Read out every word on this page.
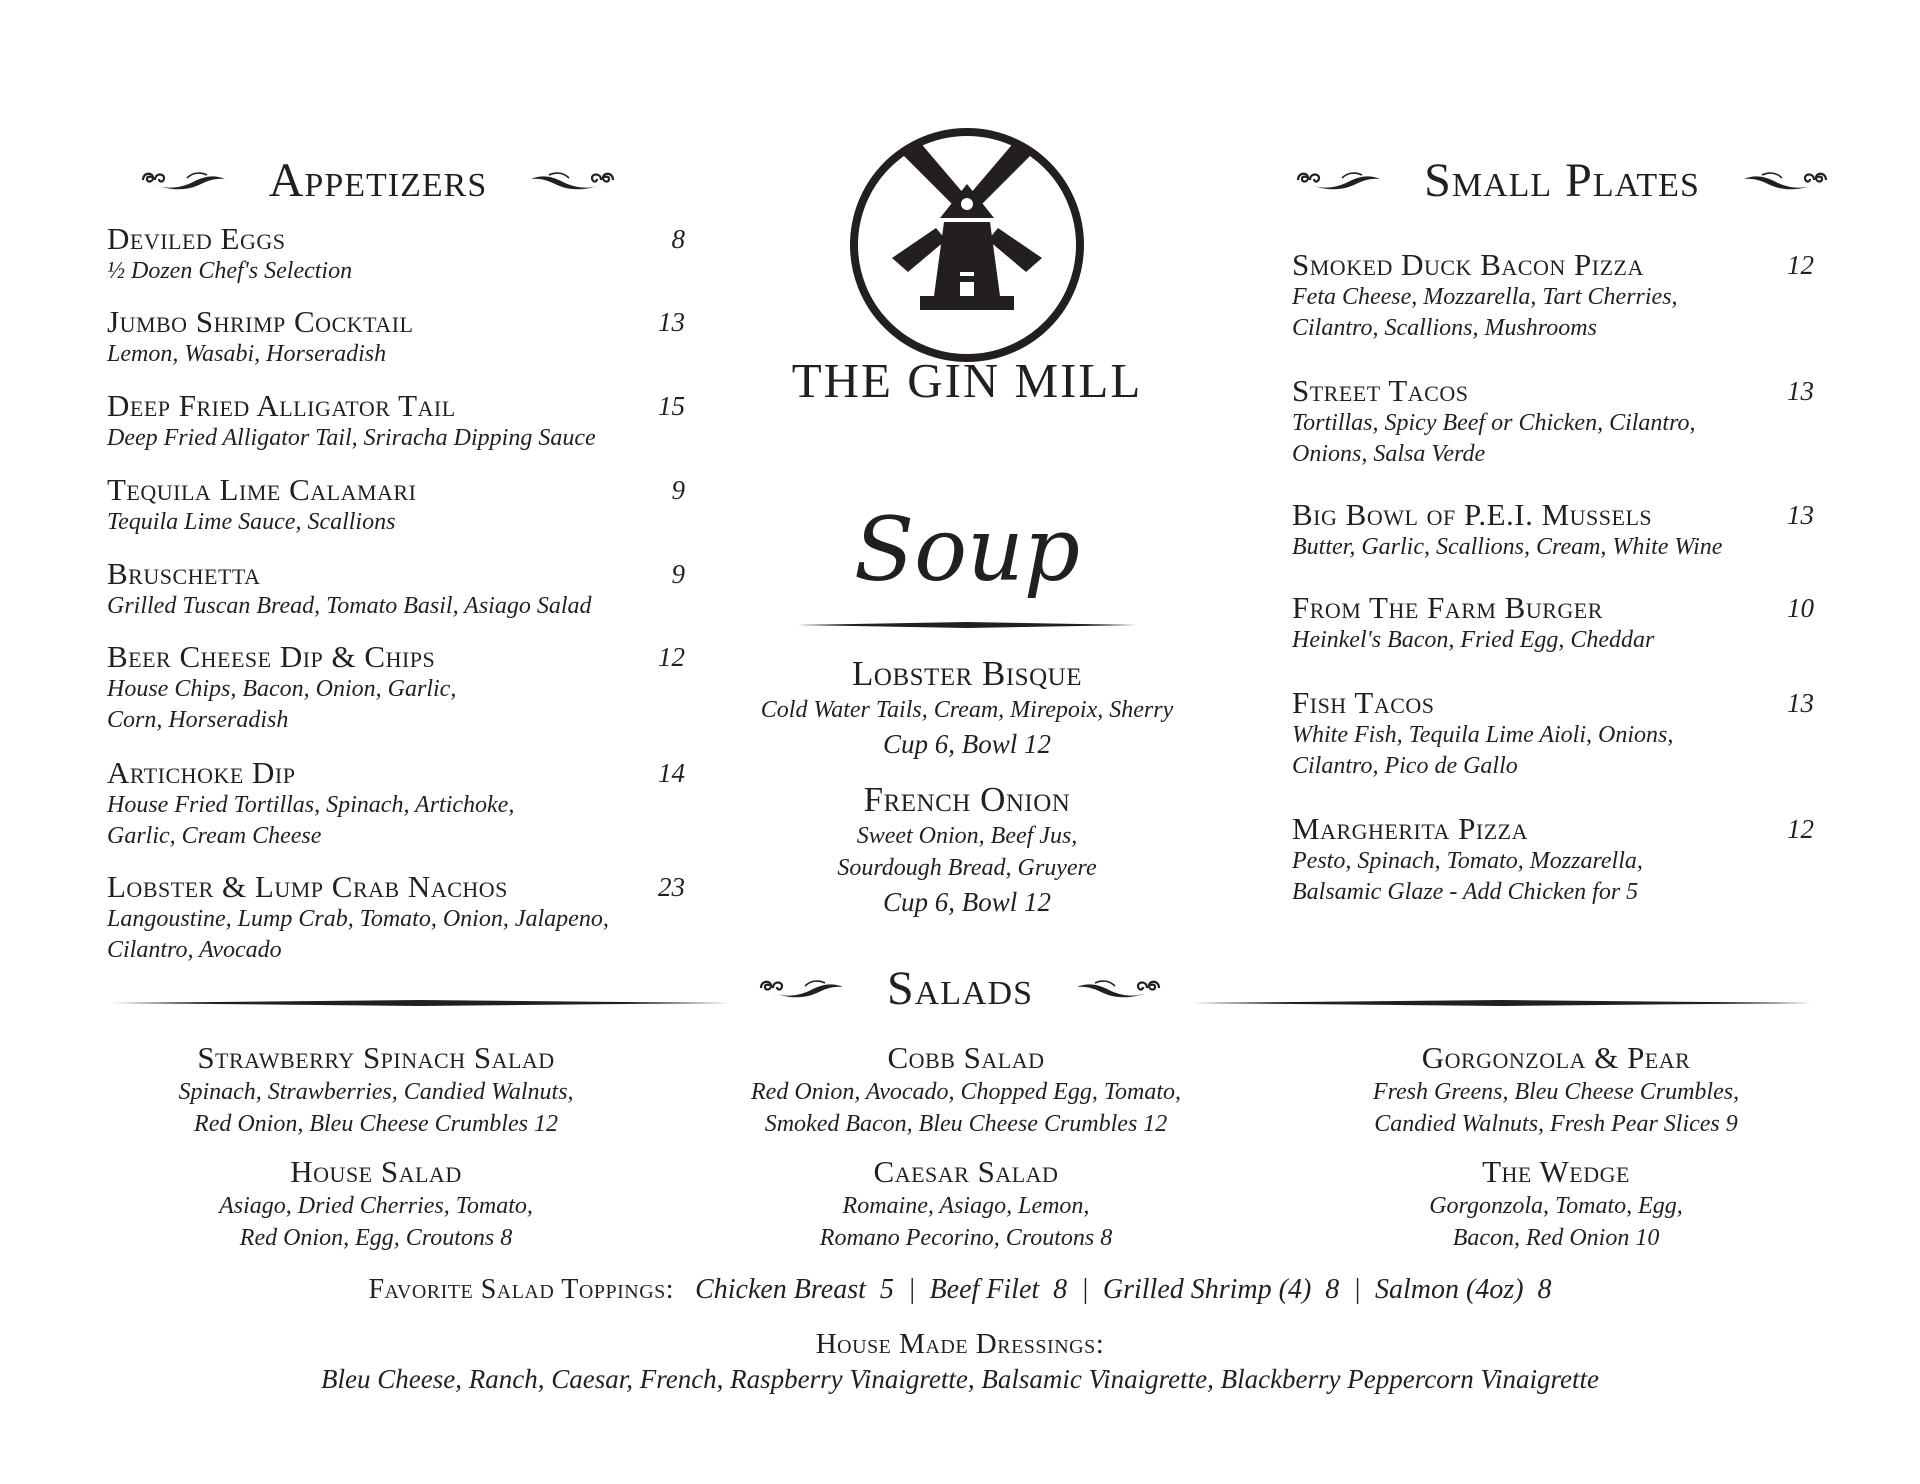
Appetizers
Deviled Eggs	8
½ Dozen Chef's Selection
Jumbo Shrimp Cocktail	13
Lemon, Wasabi, Horseradish
Deep Fried Alligator Tail	15
Deep Fried Alligator Tail, Sriracha Dipping Sauce
Tequila Lime Calamari	9
Tequila Lime Sauce, Scallions
Bruschetta	9
Grilled Tuscan Bread, Tomato Basil, Asiago Salad
Beer Cheese Dip & Chips	12
House Chips, Bacon, Onion, Garlic,
Corn, Horseradish
Artichoke Dip	14
House Fried Tortillas, Spinach, Artichoke,
Garlic, Cream Cheese
Lobster & Lump Crab Nachos	23
Langoustine, Lump Crab, Tomato, Onion, Jalapeno,
Cilantro, Avocado
THE GIN MILL
Soup
Lobster Bisque
Cold Water Tails, Cream, Mirepoix, Sherry
Cup 6, Bowl 12
French Onion
Sweet Onion, Beef Jus,
Sourdough Bread, Gruyere
Cup 6, Bowl 12
Small Plates
Smoked Duck Bacon Pizza	12
Feta Cheese, Mozzarella, Tart Cherries,
Cilantro, Scallions, Mushrooms
Street Tacos	13
Tortillas, Spicy Beef or Chicken, Cilantro,
Onions, Salsa Verde
Big Bowl of P.E.I. Mussels	13
Butter, Garlic, Scallions, Cream, White Wine
From The Farm Burger	10
Heinkel's Bacon, Fried Egg, Cheddar
Fish Tacos	13
White Fish, Tequila Lime Aioli, Onions,
Cilantro, Pico de Gallo
Margherita Pizza	12
Pesto, Spinach, Tomato, Mozzarella,
Balsamic Glaze - Add Chicken for 5
Salads
Strawberry Spinach Salad
Spinach, Strawberries, Candied Walnuts,
Red Onion, Bleu Cheese Crumbles 12
Cobb Salad
Red Onion, Avocado, Chopped Egg, Tomato,
Smoked Bacon, Bleu Cheese Crumbles 12
Gorgonzola & Pear
Fresh Greens, Bleu Cheese Crumbles,
Candied Walnuts, Fresh Pear Slices 9
House Salad
Asiago, Dried Cherries, Tomato,
Red Onion, Egg, Croutons 8
Caesar Salad
Romaine, Asiago, Lemon,
Romano Pecorino, Croutons 8
The Wedge
Gorgonzola, Tomato, Egg,
Bacon, Red Onion 10
Favorite Salad Toppings: Chicken Breast  5  |  Beef Filet  8  |  Grilled Shrimp (4)  8  |  Salmon (4oz)  8
House Made Dressings:
Bleu Cheese, Ranch, Caesar, French, Raspberry Vinaigrette, Balsamic Vinaigrette, Blackberry Peppercorn Vinaigrette
